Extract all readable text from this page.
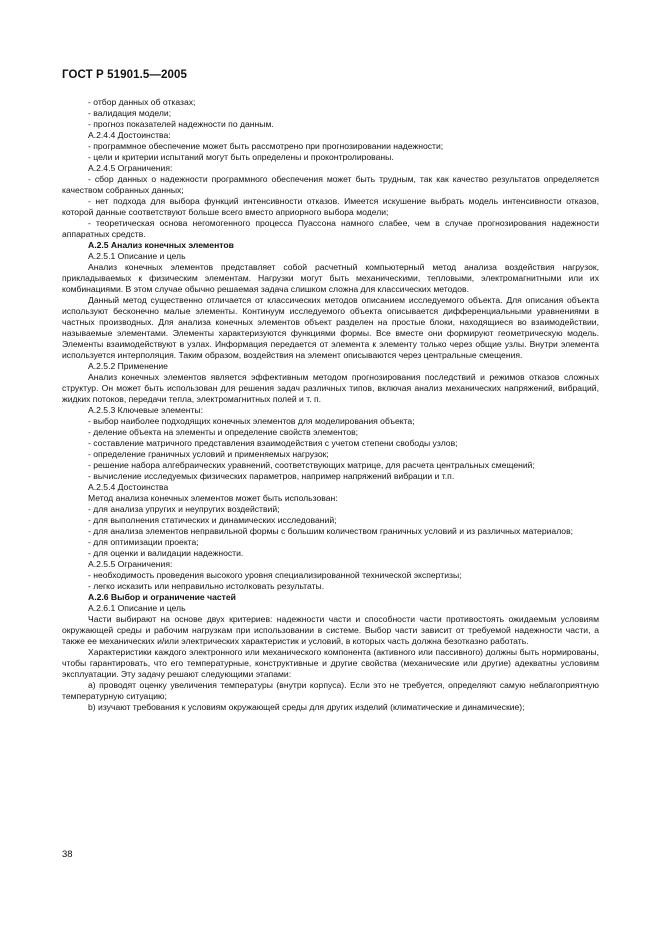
ГОСТ Р 51901.5—2005

- отбор данных об отказах;

- валидация модели;

- прогноз показателей надежности по данным.

А.2.4.4 Достоинства:

- программное обеспечение может быть рассмотрено при прогнозировании надежности;

- цели и критерии испытаний могут быть определены и проконтролированы.

А.2.4.5 Ограничения:

- сбор данных о надежности программного обеспечения может быть трудным, так как качество результатов определяется качеством собранных данных;

- нет подхода для выбора функций интенсивности отказов. Имеется искушение выбрать модель интенсивности отказов, которой данные соответствуют больше всего вместо априорного выбора модели;

- теоретическая основа негомогенного процесса Пуассона намного слабее, чем в случае прогнозирования надежности аппаратных средств.

А.2.5 Анализ конечных элементов

А.2.5.1 Описание и цель

Анализ конечных элементов представляет собой расчетный компьютерный метод анализа воздействия нагрузок, прикладываемых к физическим элементам. Нагрузки могут быть механическими, тепловыми, электромагнитными или их комбинациями. В этом случае обычно решаемая задача слишком сложна для классических методов.

Данный метод существенно отличается от классических методов описанием исследуемого объекта. Для описания объекта используют бесконечно малые элементы. Континуум исследуемого объекта описывается дифференциальными уравнениями в частных производных. Для анализа конечных элементов объект разделен на простые блоки, находящиеся во взаимодействии, называемые элементами. Элементы характеризуются функциями формы. Все вместе они формируют геометрическую модель. Элементы взаимодействуют в узлах. Информация передается от элемента к элементу только через общие узлы. Внутри элемента используется интерполяция. Таким образом, воздействия на элемент описываются через центральные смещения.

А.2.5.2 Применение

Анализ конечных элементов является эффективным методом прогнозирования последствий и режимов отказов сложных структур. Он может быть использован для решения задач различных типов, включая анализ механических напряжений, вибраций, жидких потоков, передачи тепла, электромагнитных полей и т. п.

А.2.5.3 Ключевые элементы:

- выбор наиболее подходящих конечных элементов для моделирования объекта;

- деление объекта на элементы и определение свойств элементов;

- составление матричного представления взаимодействия с учетом степени свободы узлов;

- определение граничных условий и применяемых нагрузок;

- решение набора алгебраических уравнений, соответствующих матрице, для расчета центральных смещений;

- вычисление исследуемых физических параметров, например напряжений вибрации и т.п.

А.2.5.4 Достоинства

Метод анализа конечных элементов может быть использован:

- для анализа упругих и неупругих воздействий;

- для выполнения статических и динамических исследований;

- для анализа элементов неправильной формы с большим количеством граничных условий и из различных материалов;

- для оптимизации проекта;

- для оценки и валидации надежности.

А.2.5.5 Ограничения:

- необходимость проведения высокого уровня специализированной технической экспертизы;

- легко исказить или неправильно истолковать результаты.

А.2.6 Выбор и ограничение частей

А.2.6.1 Описание и цель

Части выбирают на основе двух критериев: надежности части и способности части противостоять ожидаемым условиям окружающей среды и рабочим нагрузкам при использовании в системе. Выбор части зависит от требуемой надежности части, а также ее механических и/или электрических характеристик и условий, в которых часть должна безотказно работать.

Характеристики каждого электронного или механического компонента (активного или пассивного) должны быть нормированы, чтобы гарантировать, что его температурные, конструктивные и другие свойства (механические или другие) адекватны условиям эксплуатации. Эту задачу решают следующими этапами:

а) проводят оценку увеличения температуры (внутри корпуса). Если это не требуется, определяют самую неблагоприятную температурную ситуацию;

b) изучают требования к условиям окружающей среды для других изделий (климатические и динамические);

38
